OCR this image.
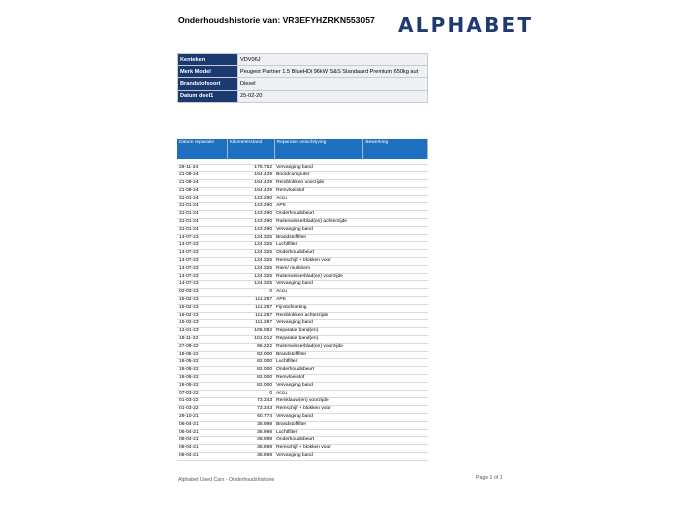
Onderhoudshistorie van: VR3EFYHZRKN553057 ALPHABET
Kenteken	VDV06J
Merk Model	Peugeot Partner 1.5 BlueHDi 96kW S&S Standaard Premium 650kg aut
Brandstofsoort	Diesel
Datum deel1	25-02-20
Datum reparatie	Kilometerstand	Reparatie omschrijving	Bewerking

28-11-24	178.752	Vervanging band	
21-08-24	164.429	Boordcomputer	
21-08-24	164.429	Remblokken voorzijde	
21-08-24	164.429	Remvloeistof	
31-01-24	143.290	Accu	
31-01-24	143.290	APK	
31-01-24	143.290	Onderhoudsbeurt	
31-01-24	143.290	Ruitenwisserblad(en) achterzijde	
31-01-24	143.290	Vervanging band	
14-07-23	124.325	Brandstoffilter	
14-07-23	124.325	Luchtfilter	
14-07-23	124.325	Onderhoudsbeurt	
14-07-23	124.325	Remschijf + blokken voor	
14-07-23	124.325	Riem/ multiriem	
14-07-23	124.325	Ruitenwisserblad(en) voorzijde	
14-07-23	124.325	Vervanging band	
02-03-23	0	Accu	
15-02-23	111.287	APK	
15-02-23	111.287	Fijnstofmeting	
15-02-23	111.287	Remblokken achterzijde	
15-02-23	111.287	Vervanging band	
12-01-23	106.082	Reparatie band(en)	
18-11-22	101.012	Reparatie band(en)	
27-09-22	96.222	Ruitenwisserblad(en) voorzijde	
18-05-22	82.000	Brandstoffilter	
18-05-22	82.000	Luchtfilter	
18-05-22	82.000	Onderhoudsbeurt	
18-05-22	82.000	Remvloeistof	
18-05-22	82.000	Vervanging band	
07-03-22	0	Accu	
01-03-22	73.343	Remklauw(en) voorzijde	
01-03-22	73.343	Remschijf + blokken voor	
29-10-21	60.774	Vervanging band	
06-04-21	38.998	Brandstoffilter	
06-04-21	38.998	Luchtfilter	
06-04-21	38.998	Onderhoudsbeurt	
06-04-21	38.998	Remschijf + blokken voor	
06-04-21	38.998	Vervanging band	
Alphabet Used Cars - Onderhoudshistorie	Page 1 of 1
